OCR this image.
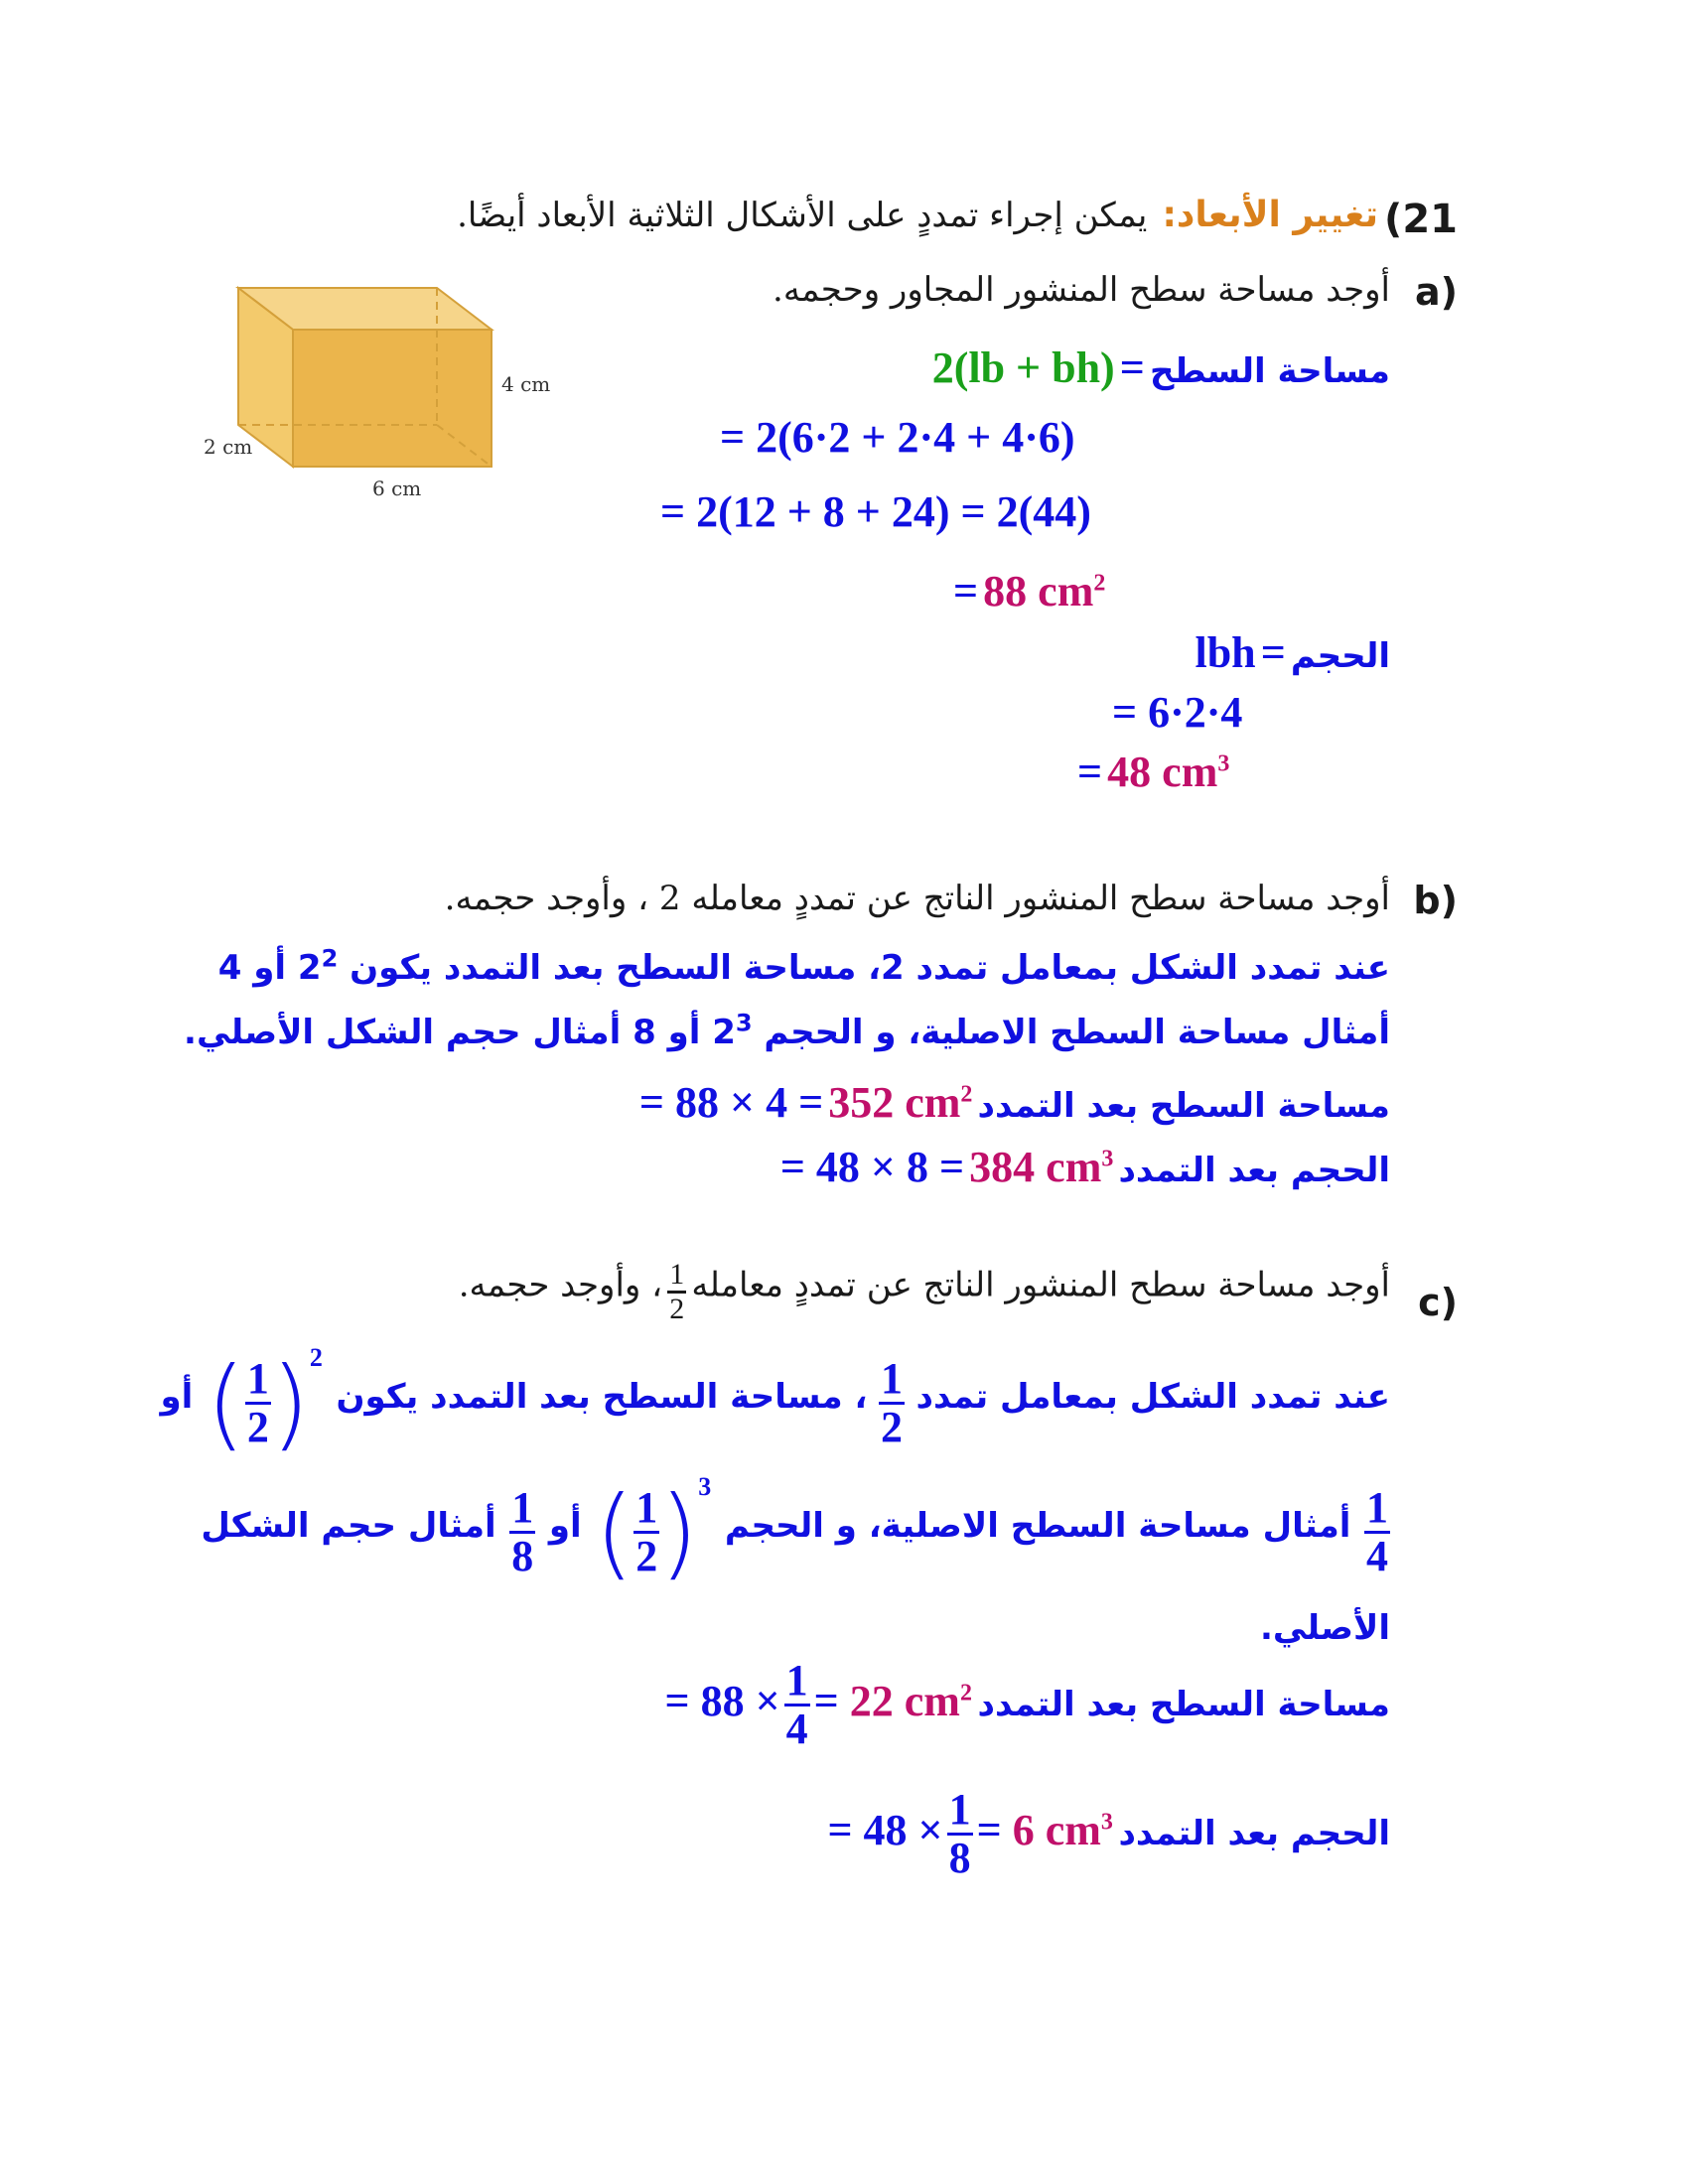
(21
تغيير الأبعاد: يمكن إجراء تمددٍ على الأشكال الثلاثية الأبعاد أيضًا.
4 cm
2 cm
6 cm
a)
أوجد مساحة سطح المنشور المجاور وحجمه.
مساحة السطح = 2(lb + bh)
= 2(6·2 + 2·4 + 4·6)
= 2(12 + 8 + 24) = 2(44)
= 88 $cm^2$
الحجم = lbh
= 6·2·4
= 48 $cm^3$
b)
أوجد مساحة سطح المنشور الناتج عن تمددٍ معامله 2 ، وأوجد حجمه.
عند تمدد الشكل بمعامل تمدد 2، مساحة السطح بعد التمدد يكون $2^2$ أو 4
أمثال مساحة السطح الاصلية، و الحجم $2^3$ أو 8 أمثال حجم الشكل الأصلي.
مساحة السطح بعد التمدد = 88 × 4 = 352 $cm^2$
الحجم بعد التمدد = 48 × 8 = 384 $cm^3$
c)
أوجد مساحة سطح المنشور الناتج عن تمددٍ معامله
$\frac{1}{2}$
، وأوجد حجمه.
عند تمدد الشكل بمعامل تمدد
$\frac{1}{2}$
، مساحة السطح بعد التمدد يكون ( $\frac{1}{2} )^2$ أو
$\frac{1}{4}$
أمثال مساحة السطح الاصلية، و الحجم ( $\frac{1}{2} )^3$ أو
$\frac{1}{8}$
أمثال حجم الشكل
الأصلي.
مساحة السطح بعد التمدد = $88 \times \frac{1}{4} = 22$ $cm^2$
الحجم بعد التمدد = $48 \times \frac{1}{8} = 6$ $cm^3$
